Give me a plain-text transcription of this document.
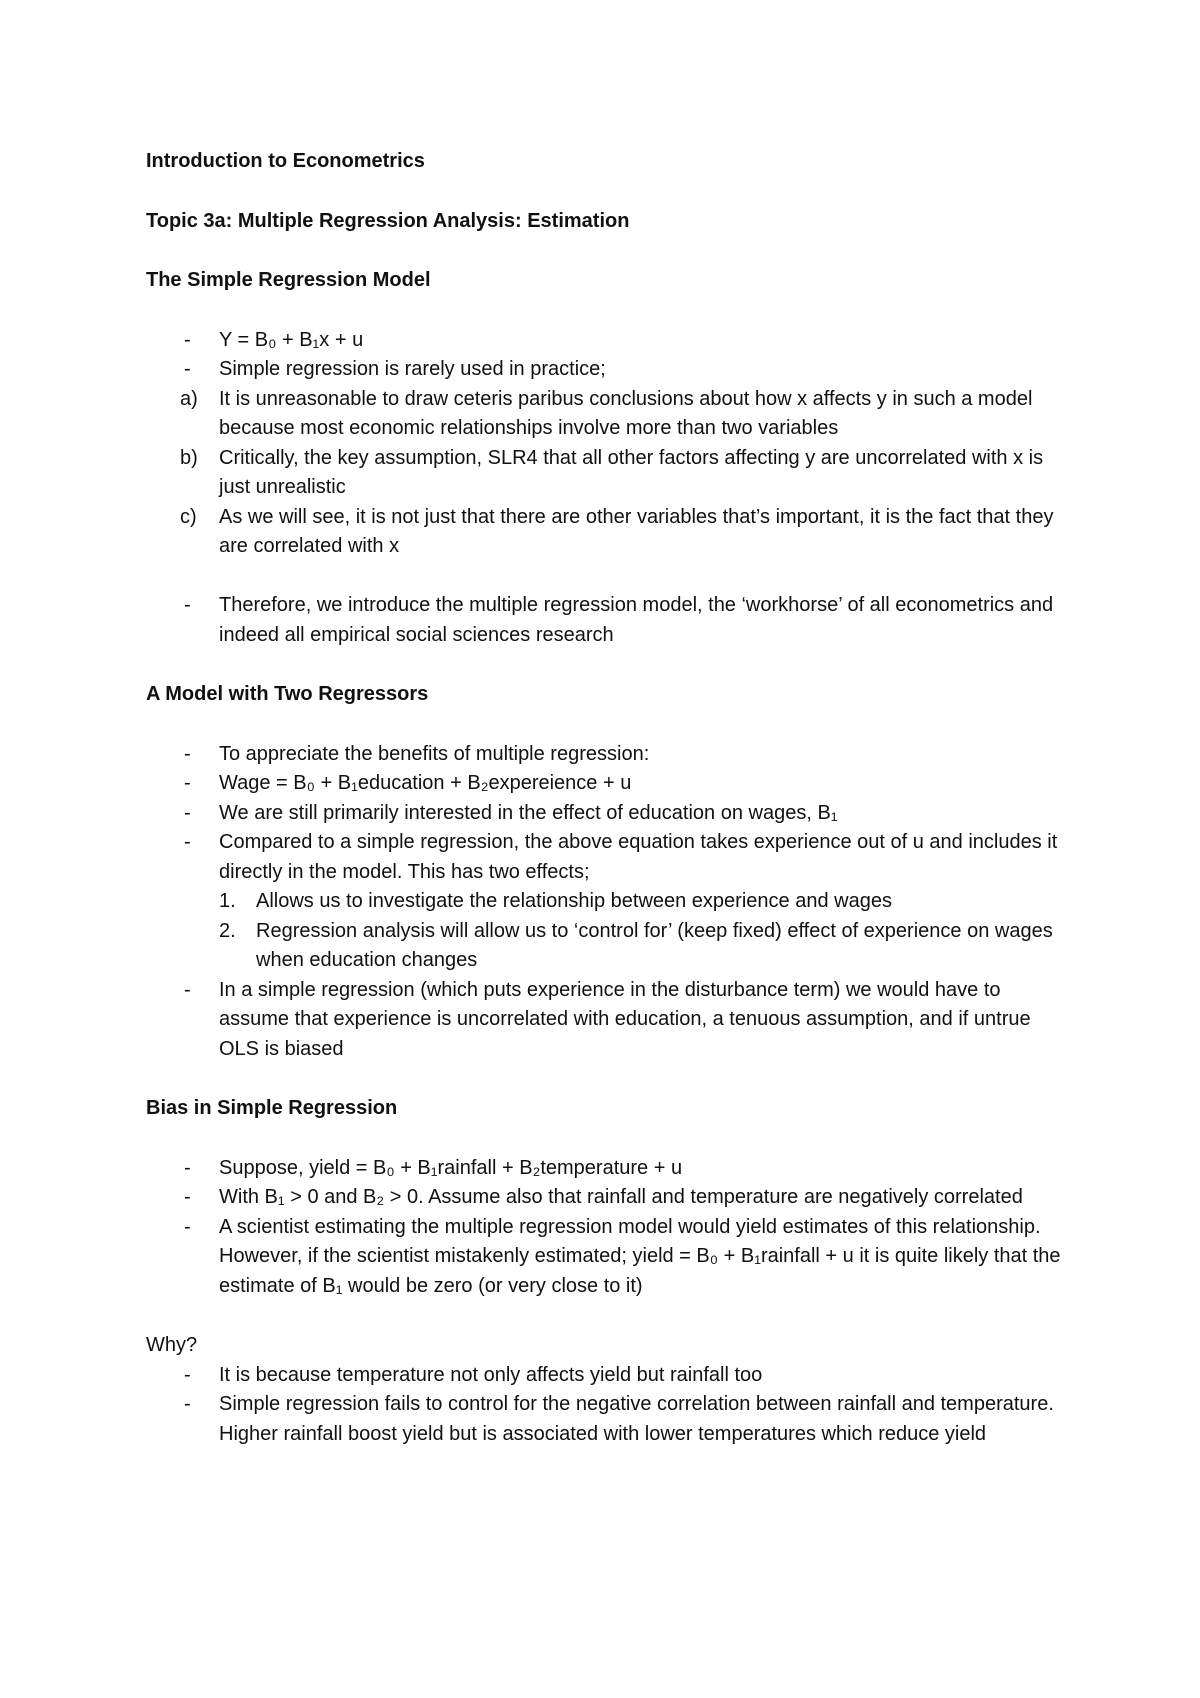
Introduction to Econometrics

Topic 3a: Multiple Regression Analysis: Estimation

The Simple Regression Model

- Y = B₀ + B₁x + u
- Simple regression is rarely used in practice;
a) It is unreasonable to draw ceteris paribus conclusions about how x affects y in such a model because most economic relationships involve more than two variables
b) Critically, the key assumption, SLR4 that all other factors affecting y are uncorrelated with x is just unrealistic
c) As we will see, it is not just that there are other variables that’s important, it is the fact that they are correlated with x
- Therefore, we introduce the multiple regression model, the ‘workhorse’ of all econometrics and indeed all empirical social sciences research

A Model with Two Regressors

- To appreciate the benefits of multiple regression:
- Wage = B₀ + B₁education + B₂expereience + u
- We are still primarily interested in the effect of education on wages, B₁
- Compared to a simple regression, the above equation takes experience out of u and includes it directly in the model. This has two effects;
1. Allows us to investigate the relationship between experience and wages
2. Regression analysis will allow us to ‘control for’ (keep fixed) effect of experience on wages when education changes
- In a simple regression (which puts experience in the disturbance term) we would have to assume that experience is uncorrelated with education, a tenuous assumption, and if untrue OLS is biased

Bias in Simple Regression

- Suppose, yield = B₀ + B₁rainfall + B₂temperature + u
- With B₁ > 0 and B₂ > 0. Assume also that rainfall and temperature are negatively correlated
- A scientist estimating the multiple regression model would yield estimates of this relationship. However, if the scientist mistakenly estimated; yield = B₀ + B₁rainfall + u it is quite likely that the estimate of B₁ would be zero (or very close to it)

Why?

- It is because temperature not only affects yield but rainfall too
- Simple regression fails to control for the negative correlation between rainfall and temperature. Higher rainfall boost yield but is associated with lower temperatures which reduce yield
